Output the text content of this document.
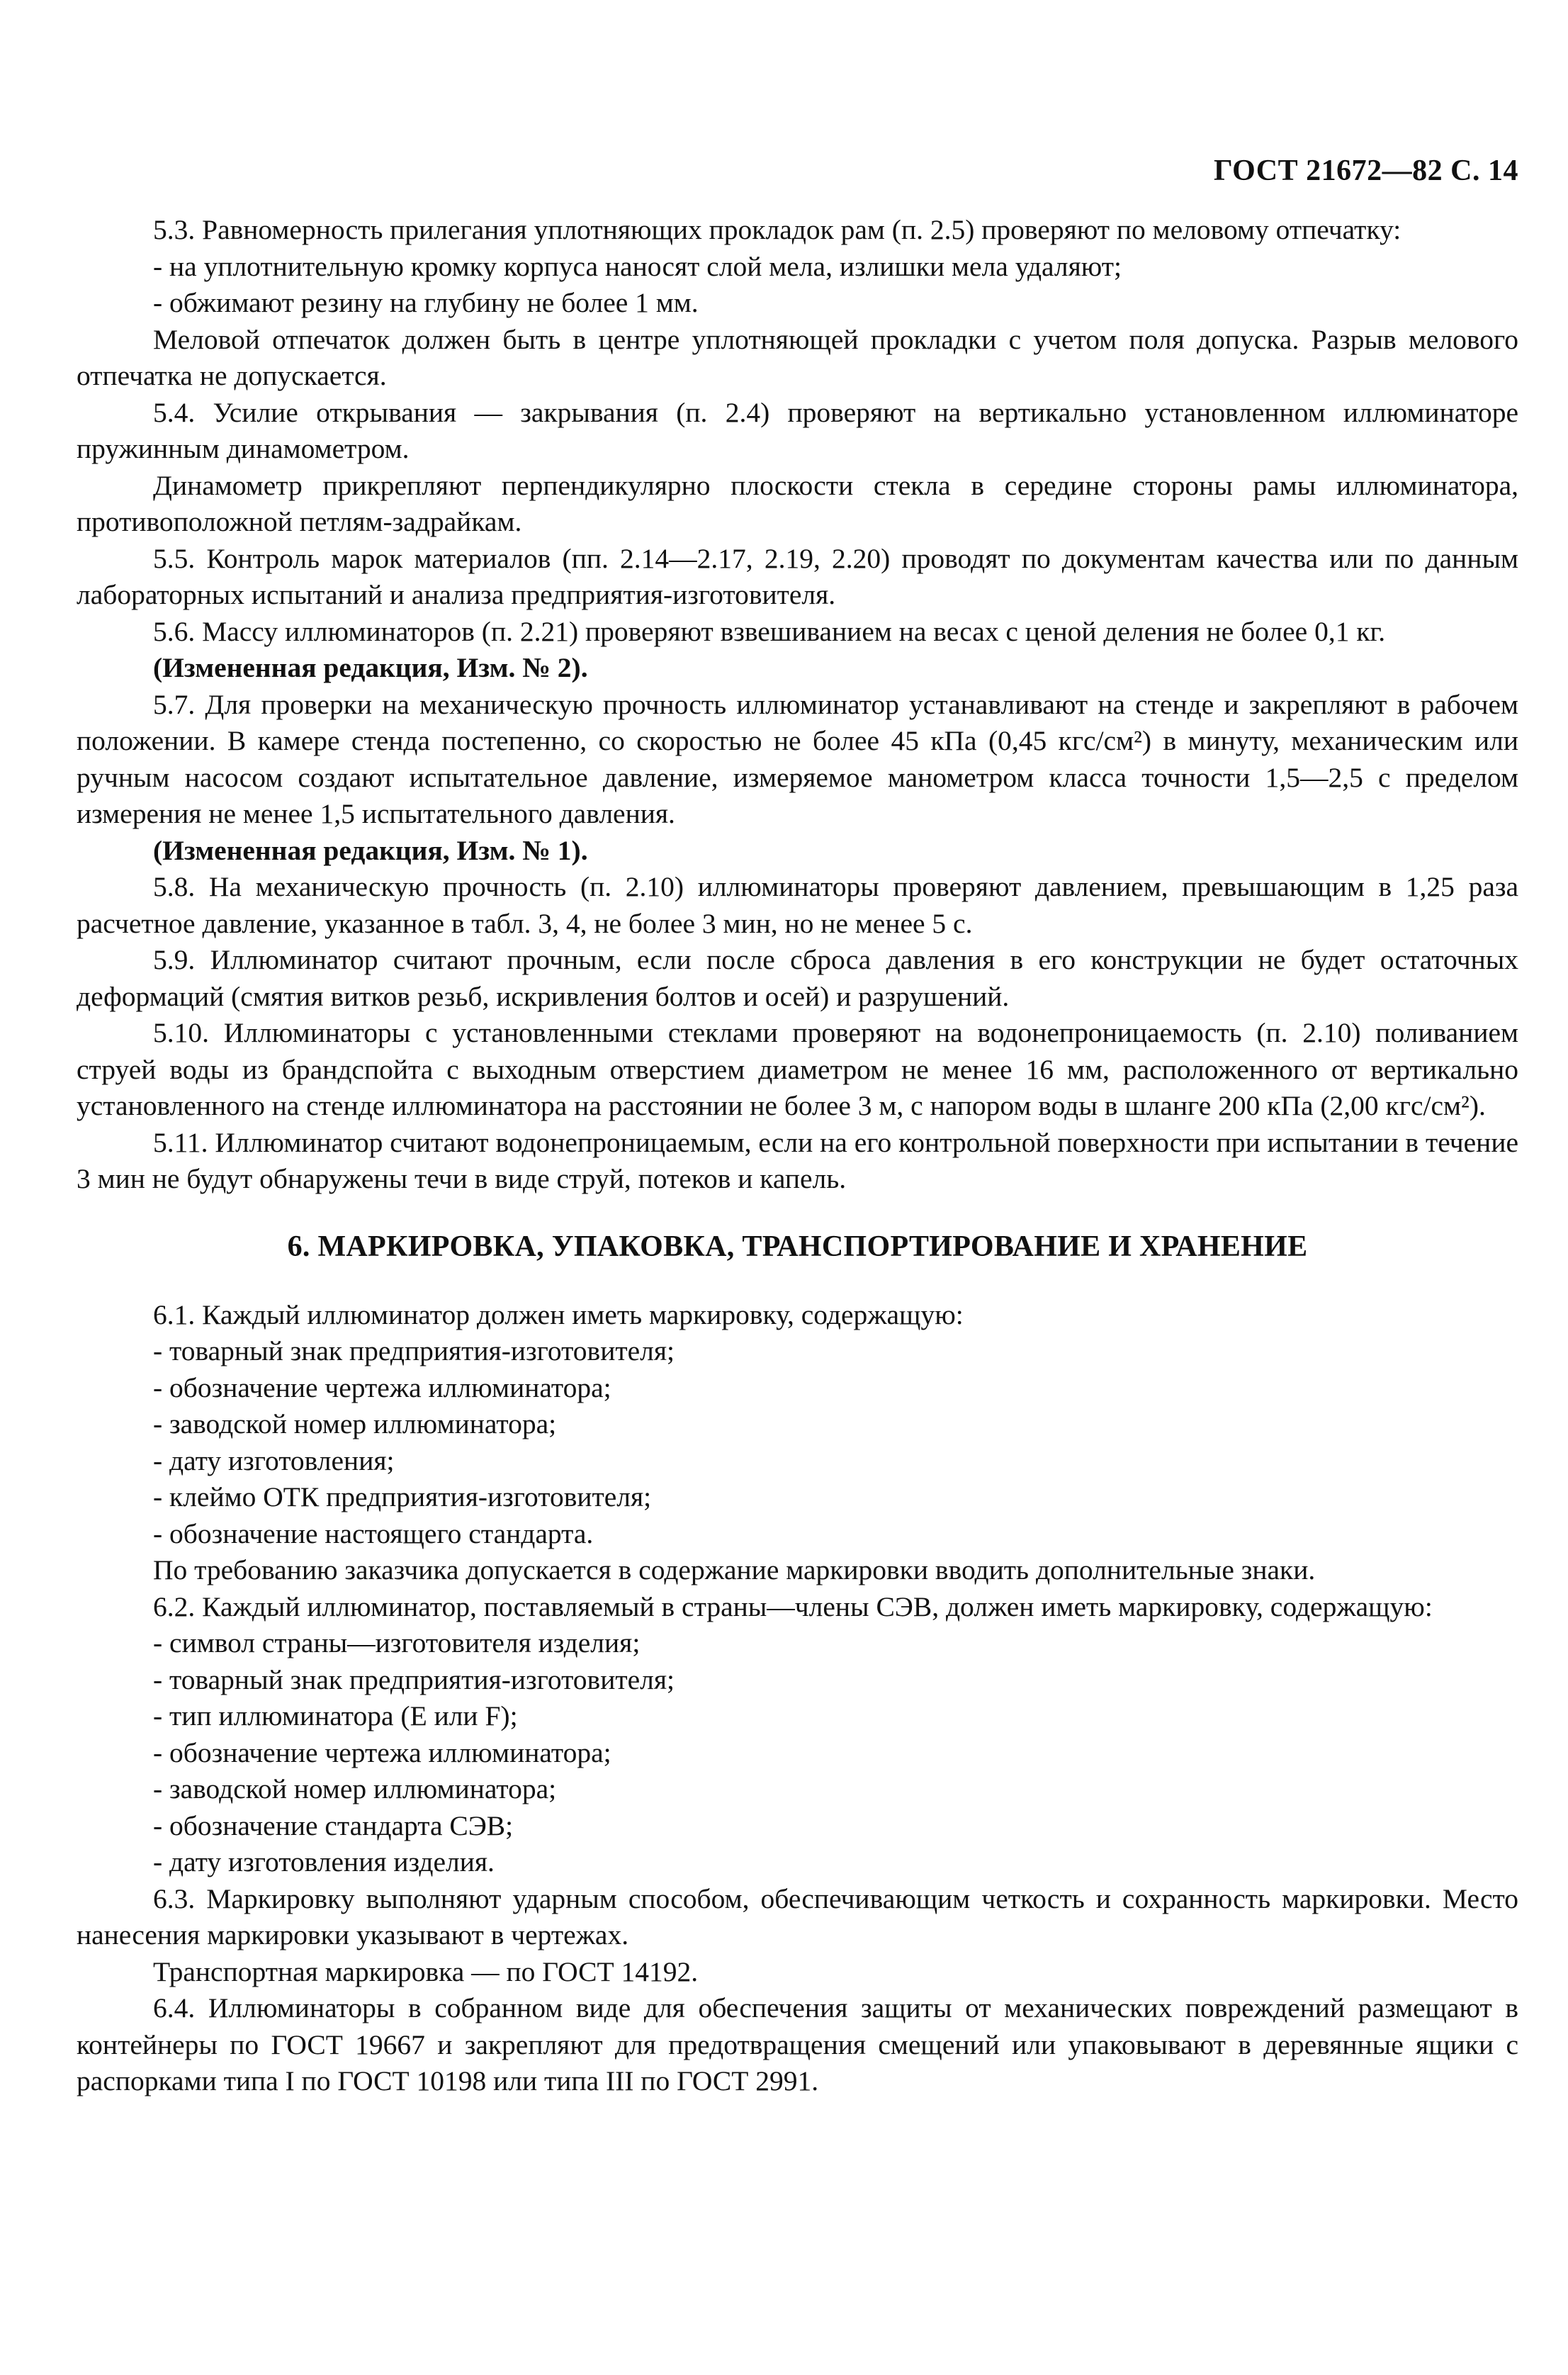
ГОСТ 21672—82 С. 14

5.3. Равномерность прилегания уплотняющих прокладок рам (п. 2.5) проверяют по меловому отпечатку:

- на уплотнительную кромку корпуса наносят слой мела, излишки мела удаляют;

- обжимают резину на глубину не более 1 мм.

Меловой отпечаток должен быть в центре уплотняющей прокладки с учетом поля допуска. Разрыв мелового отпечатка не допускается.

5.4. Усилие открывания — закрывания (п. 2.4) проверяют на вертикально установленном иллюминаторе пружинным динамометром.

Динамометр прикрепляют перпендикулярно плоскости стекла в середине стороны рамы иллюминатора, противоположной петлям-задрайкам.

5.5. Контроль марок материалов (пп. 2.14—2.17, 2.19, 2.20) проводят по документам качества или по данным лабораторных испытаний и анализа предприятия-изготовителя.

5.6. Массу иллюминаторов (п. 2.21) проверяют взвешиванием на весах с ценой деления не более 0,1 кг.

(Измененная редакция, Изм. № 2).

5.7. Для проверки на механическую прочность иллюминатор устанавливают на стенде и закрепляют в рабочем положении. В камере стенда постепенно, со скоростью не более 45 кПа (0,45 кгс/см²) в минуту, механическим или ручным насосом создают испытательное давление, измеряемое манометром класса точности 1,5—2,5 с пределом измерения не менее 1,5 испытательного давления.

(Измененная редакция, Изм. № 1).

5.8. На механическую прочность (п. 2.10) иллюминаторы проверяют давлением, превышающим в 1,25 раза расчетное давление, указанное в табл. 3, 4, не более 3 мин, но не менее 5 с.

5.9. Иллюминатор считают прочным, если после сброса давления в его конструкции не будет остаточных деформаций (смятия витков резьб, искривления болтов и осей) и разрушений.

5.10. Иллюминаторы с установленными стеклами проверяют на водонепроницаемость (п. 2.10) поливанием струей воды из брандспойта с выходным отверстием диаметром не менее 16 мм, расположенного от вертикально установленного на стенде иллюминатора на расстоянии не более 3 м, с напором воды в шланге 200 кПа (2,00 кгс/см²).

5.11. Иллюминатор считают водонепроницаемым, если на его контрольной поверхности при испытании в течение 3 мин не будут обнаружены течи в виде струй, потеков и капель.

6. МАРКИРОВКА, УПАКОВКА, ТРАНСПОРТИРОВАНИЕ И ХРАНЕНИЕ

6.1. Каждый иллюминатор должен иметь маркировку, содержащую:

- товарный знак предприятия-изготовителя;

- обозначение чертежа иллюминатора;

- заводской номер иллюминатора;

- дату изготовления;

- клеймо ОТК предприятия-изготовителя;

- обозначение настоящего стандарта.

По требованию заказчика допускается в содержание маркировки вводить дополнительные знаки.

6.2. Каждый иллюминатор, поставляемый в страны—члены СЭВ, должен иметь маркировку, содержащую:

- символ страны—изготовителя изделия;

- товарный знак предприятия-изготовителя;

- тип иллюминатора (E или F);

- обозначение чертежа иллюминатора;

- заводской номер иллюминатора;

- обозначение стандарта СЭВ;

- дату изготовления изделия.

6.3. Маркировку выполняют ударным способом, обеспечивающим четкость и сохранность маркировки. Место нанесения маркировки указывают в чертежах.

Транспортная маркировка — по ГОСТ 14192.

6.4. Иллюминаторы в собранном виде для обеспечения защиты от механических повреждений размещают в контейнеры по ГОСТ 19667 и закрепляют для предотвращения смещений или упаковывают в деревянные ящики с распорками типа I по ГОСТ 10198 или типа III по ГОСТ 2991.
